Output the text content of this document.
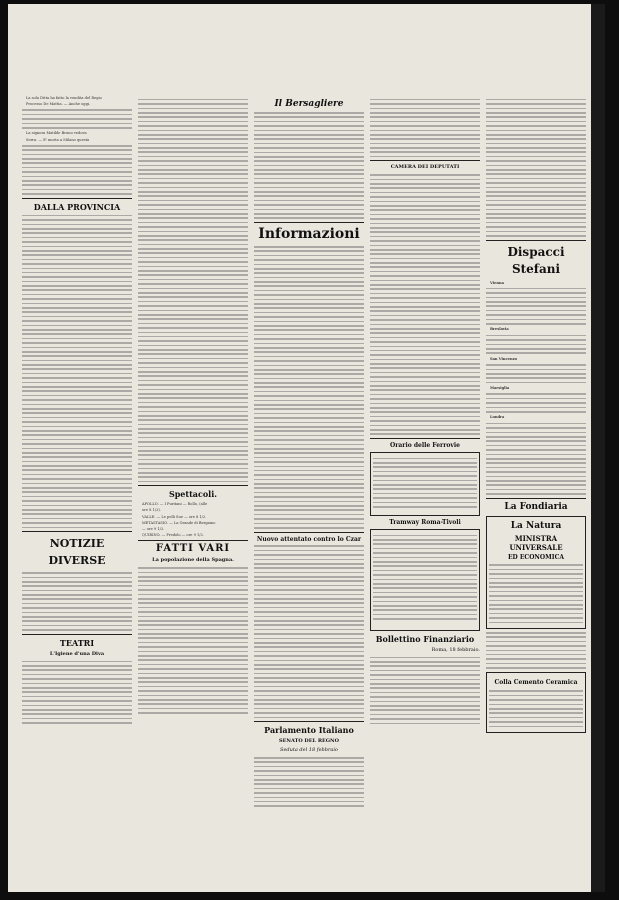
La sola Ditta ha fatto la vendita del Regio

Processo De Mattia. — Anche oggi,

La signora Matilde Bruno vedova

Serra. — E' morta a Milano questa

DALLA PROVINCIA
NOTIZIE DIVERSE
TEATRI
L'Igiene d'una Diva
Spettacoli.

APOLLO. — I Puritani — Rollo, (alle

ore 8 1/2).

VALLE. — Le pelli Sue — ore 8 1/2.

METASTASIO. — La Grande di Bergamo

— ore 9 1/2.

QUIRINO. — Fredolo — ore 9 1/2.

FATTI VARI
La popolazione della Spagna.
Il Bersagliere
Informazioni
Nuovo attentato contro lo Czar
Parlamento Italiano
SENATO DEL REGNO
Seduta del 18 febbraio
CAMERA DEI DEPUTATI
Orario delle Ferrovie
Tramway Roma-Tivoli
Bollettino Finanziario
Roma, 18 febbraio.
Dispacci Stefani

Vienna

Breslavia

San Vincenzo

Marsiglia

Londra

La Fondiaria
La Natura
MINISTRA UNIVERSALE
ED ECONOMICA
Colla Cemento Ceramica
